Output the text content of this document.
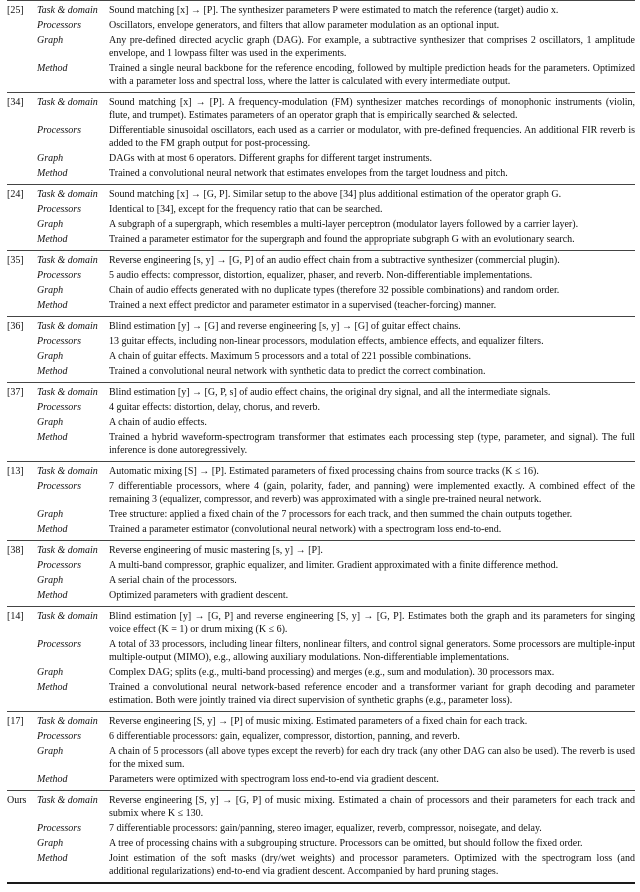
[25]	Task & domain	Sound matching [x] → [P]. The synthesizer parameters P were estimated to match the reference (target) audio x.
	Processors	Oscillators, envelope generators, and filters that allow parameter modulation as an optional input.
	Graph	Any pre-defined directed acyclic graph (DAG). For example, a subtractive synthesizer that comprises 2 oscillators, 1 amplitude envelope, and 1 lowpass filter was used in the experiments.
	Method	Trained a single neural backbone for the reference encoding, followed by multiple prediction heads for the parameters. Optimized with a parameter loss and spectral loss, where the latter is calculated with every intermediate output.
[34]	Task & domain	Sound matching [x] → [P]. A frequency-modulation (FM) synthesizer matches recordings of monophonic instruments (violin, flute, and trumpet). Estimates parameters of an operator graph that is empirically searched & selected.
	Processors	Differentiable sinusoidal oscillators, each used as a carrier or modulator, with pre-defined frequencies. An additional FIR reverb is added to the FM graph output for post-processing.
	Graph	DAGs with at most 6 operators. Different graphs for different target instruments.
	Method	Trained a convolutional neural network that estimates envelopes from the target loudness and pitch.
[24]	Task & domain	Sound matching [x] → [G, P]. Similar setup to the above [34] plus additional estimation of the operator graph G.
	Processors	Identical to [34], except for the frequency ratio that can be searched.
	Graph	A subgraph of a supergraph, which resembles a multi-layer perceptron (modulator layers followed by a carrier layer).
	Method	Trained a parameter estimator for the supergraph and found the appropriate subgraph G with an evolutionary search.
[35]	Task & domain	Reverse engineering [s, y] → [G, P] of an audio effect chain from a subtractive synthesizer (commercial plugin).
	Processors	5 audio effects: compressor, distortion, equalizer, phaser, and reverb. Non-differentiable implementations.
	Graph	Chain of audio effects generated with no duplicate types (therefore 32 possible combinations) and random order.
	Method	Trained a next effect predictor and parameter estimator in a supervised (teacher-forcing) manner.
[36]	Task & domain	Blind estimation [y] → [G] and reverse engineering [s, y] → [G] of guitar effect chains.
	Processors	13 guitar effects, including non-linear processors, modulation effects, ambience effects, and equalizer filters.
	Graph	A chain of guitar effects. Maximum 5 processors and a total of 221 possible combinations.
	Method	Trained a convolutional neural network with synthetic data to predict the correct combination.
[37]	Task & domain	Blind estimation [y] → [G, P, s] of audio effect chains, the original dry signal, and all the intermediate signals.
	Processors	4 guitar effects: distortion, delay, chorus, and reverb.
	Graph	A chain of audio effects.
	Method	Trained a hybrid waveform-spectrogram transformer that estimates each processing step (type, parameter, and signal). The full inference is done autoregressively.
[13]	Task & domain	Automatic mixing [S] → [P]. Estimated parameters of fixed processing chains from source tracks (K ≤ 16).
	Processors	7 differentiable processors, where 4 (gain, polarity, fader, and panning) were implemented exactly. A combined effect of the remaining 3 (equalizer, compressor, and reverb) was approximated with a single pre-trained neural network.
	Graph	Tree structure: applied a fixed chain of the 7 processors for each track, and then summed the chain outputs together.
	Method	Trained a parameter estimator (convolutional neural network) with a spectrogram loss end-to-end.
[38]	Task & domain	Reverse engineering of music mastering [s, y] → [P].
	Processors	A multi-band compressor, graphic equalizer, and limiter. Gradient approximated with a finite difference method.
	Graph	A serial chain of the processors.
	Method	Optimized parameters with gradient descent.
[14]	Task & domain	Blind estimation [y] → [G, P] and reverse engineering [S, y] → [G, P]. Estimates both the graph and its parameters for singing voice effect (K = 1) or drum mixing (K ≤ 6).
	Processors	A total of 33 processors, including linear filters, nonlinear filters, and control signal generators. Some processors are multiple-input multiple-output (MIMO), e.g., allowing auxiliary modulations. Non-differentiable implementations.
	Graph	Complex DAG; splits (e.g., multi-band processing) and merges (e.g., sum and modulation). 30 processors max.
	Method	Trained a convolutional neural network-based reference encoder and a transformer variant for graph decoding and parameter estimation. Both were jointly trained via direct supervision of synthetic graphs (e.g., parameter loss).
[17]	Task & domain	Reverse engineering [S, y] → [P] of music mixing. Estimated parameters of a fixed chain for each track.
	Processors	6 differentiable processors: gain, equalizer, compressor, distortion, panning, and reverb.
	Graph	A chain of 5 processors (all above types except the reverb) for each dry track (any other DAG can also be used). The reverb is used for the mixed sum.
	Method	Parameters were optimized with spectrogram loss end-to-end via gradient descent.
Ours	Task & domain	Reverse engineering [S, y] → [G, P] of music mixing. Estimated a chain of processors and their parameters for each track and submix where K ≤ 130.
	Processors	7 differentiable processors: gain/panning, stereo imager, equalizer, reverb, compressor, noisegate, and delay.
	Graph	A tree of processing chains with a subgrouping structure. Processors can be omitted, but should follow the fixed order.
	Method	Joint estimation of the soft masks (dry/wet weights) and processor parameters. Optimized with the spectrogram loss (and additional regularizations) end-to-end via gradient descent. Accompanied by hard pruning stages.
